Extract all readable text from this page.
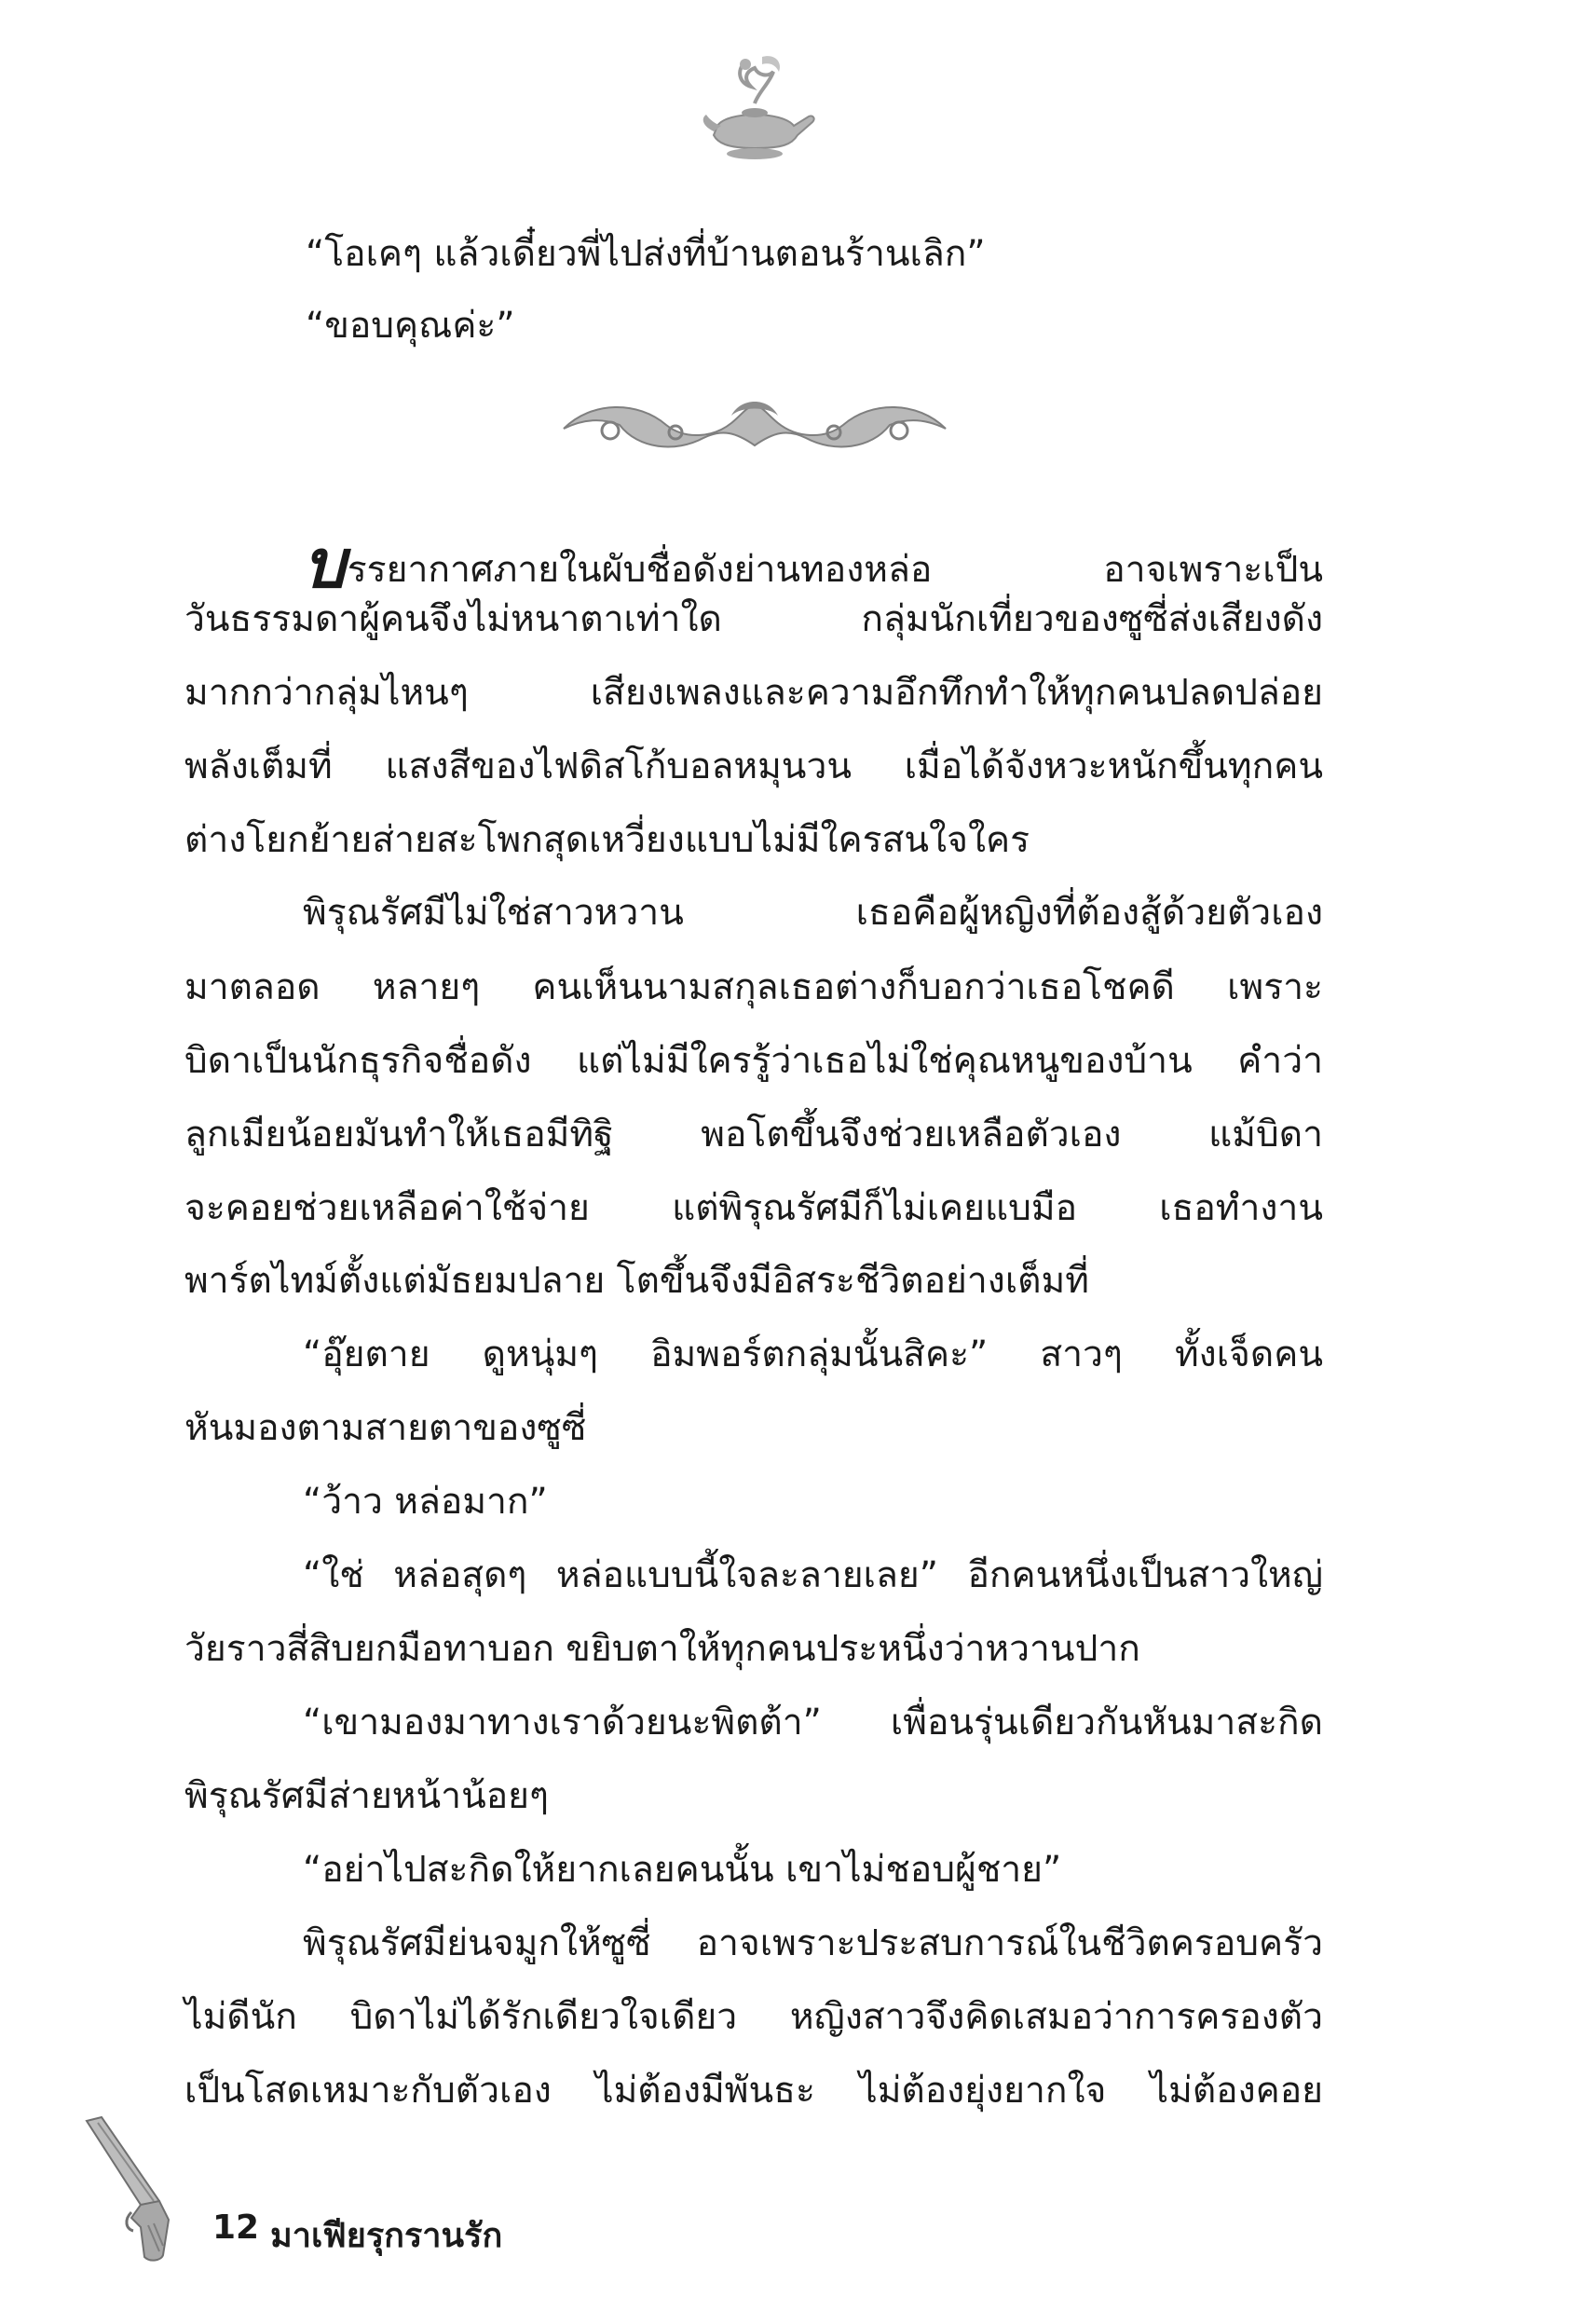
“โอเคๆ แล้วเดี๋ยวพี่ไปส่งที่บ้านตอนร้านเลิก”
“ขอบคุณค่ะ”
บรรยากาศภายในผับชื่อดังย่านทองหล่อ อาจเพราะเป็น
วันธรรมดาผู้คนจึงไม่หนาตาเท่าใด กลุ่มนักเที่ยวของซูซี่ส่งเสียงดัง
มากกว่ากลุ่มไหนๆ เสียงเพลงและความอึกทึกทำให้ทุกคนปลดปล่อย
พลังเต็มที่ แสงสีของไฟดิสโก้บอลหมุนวน เมื่อได้จังหวะหนักขึ้นทุกคน
ต่างโยกย้ายส่ายสะโพกสุดเหวี่ยงแบบไม่มีใครสนใจใคร
พิรุณรัศมีไม่ใช่สาวหวาน เธอคือผู้หญิงที่ต้องสู้ด้วยตัวเอง
มาตลอด หลายๆ คนเห็นนามสกุลเธอต่างก็บอกว่าเธอโชคดี เพราะ
บิดาเป็นนักธุรกิจชื่อดัง แต่ไม่มีใครรู้ว่าเธอไม่ใช่คุณหนูของบ้าน คำว่า
ลูกเมียน้อยมันทำให้เธอมีทิฐิ พอโตขึ้นจึงช่วยเหลือตัวเอง แม้บิดา
จะคอยช่วยเหลือค่าใช้จ่าย แต่พิรุณรัศมีก็ไม่เคยแบมือ เธอทำงาน
พาร์ตไทม์ตั้งแต่มัธยมปลาย โตขึ้นจึงมีอิสระชีวิตอย่างเต็มที่
“อุ๊ยตาย ดูหนุ่มๆ อิมพอร์ตกลุ่มนั้นสิคะ” สาวๆ ทั้งเจ็ดคน
หันมองตามสายตาของซูซี่
“ว้าว หล่อมาก”
“ใช่ หล่อสุดๆ หล่อแบบนี้ใจละลายเลย” อีกคนหนึ่งเป็นสาวใหญ่
วัยราวสี่สิบยกมือทาบอก ขยิบตาให้ทุกคนประหนึ่งว่าหวานปาก
“เขามองมาทางเราด้วยนะพิตต้า” เพื่อนรุ่นเดียวกันหันมาสะกิด
พิรุณรัศมีส่ายหน้าน้อยๆ
“อย่าไปสะกิดให้ยากเลยคนนั้น เขาไม่ชอบผู้ชาย”
พิรุณรัศมีย่นจมูกให้ซูซี่ อาจเพราะประสบการณ์ในชีวิตครอบครัว
ไม่ดีนัก บิดาไม่ได้รักเดียวใจเดียว หญิงสาวจึงคิดเสมอว่าการครองตัว
เป็นโสดเหมาะกับตัวเอง ไม่ต้องมีพันธะ ไม่ต้องยุ่งยากใจ ไม่ต้องคอย
12 มาเฟียรุกรานรัก
